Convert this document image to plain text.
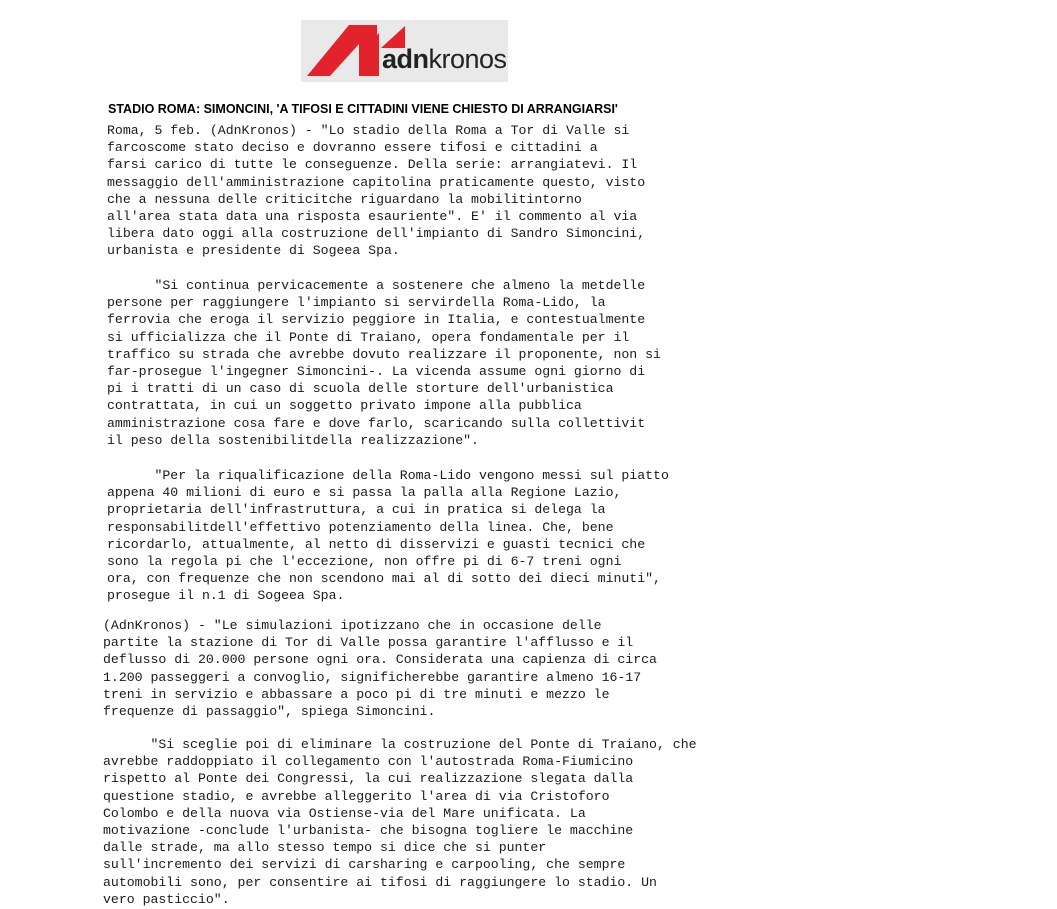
adnkronos
STADIO ROMA: SIMONCINI, 'A TIFOSI E CITTADINI VIENE CHIESTO DI ARRANGIARSI'

Roma, 5 feb. (AdnKronos) - "Lo stadio della Roma a Tor di Valle si
farcoscome stato deciso e dovranno essere tifosi e cittadini a
farsi carico di tutte le conseguenze. Della serie: arrangiatevi. Il
messaggio dell'amministrazione capitolina praticamente questo, visto
che a nessuna delle criticitche riguardano la mobilitintorno
all'area stata data una risposta esauriente". E' il commento al via
libera dato oggi alla costruzione dell'impianto di Sandro Simoncini,
urbanista e presidente di Sogeea Spa.

"Si continua pervicacemente a sostenere che almeno la metdelle
persone per raggiungere l'impianto si servirdella Roma-Lido, la
ferrovia che eroga il servizio peggiore in Italia, e contestualmente
si ufficializza che il Ponte di Traiano, opera fondamentale per il
traffico su strada che avrebbe dovuto realizzare il proponente, non si
far-prosegue l'ingegner Simoncini-. La vicenda assume ogni giorno di
pi i tratti di un caso di scuola delle storture dell'urbanistica
contrattata, in cui un soggetto privato impone alla pubblica
amministrazione cosa fare e dove farlo, scaricando sulla collettivit
il peso della sostenibilitdella realizzazione".

"Per la riqualificazione della Roma-Lido vengono messi sul piatto
appena 40 milioni di euro e si passa la palla alla Regione Lazio,
proprietaria dell'infrastruttura, a cui in pratica si delega la
responsabilitdell'effettivo potenziamento della linea. Che, bene
ricordarlo, attualmente, al netto di disservizi e guasti tecnici che
sono la regola pi che l'eccezione, non offre pi di 6-7 treni ogni
ora, con frequenze che non scendono mai al di sotto dei dieci minuti",
prosegue il n.1 di Sogeea Spa.

(AdnKronos) - "Le simulazioni ipotizzano che in occasione delle
partite la stazione di Tor di Valle possa garantire l'afflusso e il
deflusso di 20.000 persone ogni ora. Considerata una capienza di circa
1.200 passeggeri a convoglio, significherebbe garantire almeno 16-17
treni in servizio e abbassare a poco pi di tre minuti e mezzo le
frequenze di passaggio", spiega Simoncini.

"Si sceglie poi di eliminare la costruzione del Ponte di Traiano, che
avrebbe raddoppiato il collegamento con l'autostrada Roma-Fiumicino
rispetto al Ponte dei Congressi, la cui realizzazione slegata dalla
questione stadio, e avrebbe alleggerito l'area di via Cristoforo
Colombo e della nuova via Ostiense-via del Mare unificata. La
motivazione -conclude l'urbanista- che bisogna togliere le macchine
dalle strade, ma allo stesso tempo si dice che si punter
sull'incremento dei servizi di carsharing e carpooling, che sempre
automobili sono, per consentire ai tifosi di raggiungere lo stadio. Un
vero pasticcio".
